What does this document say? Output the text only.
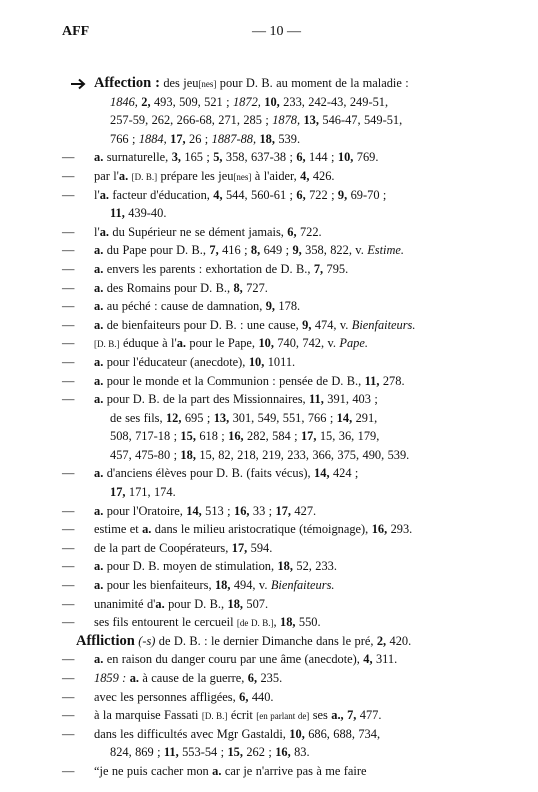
AFF	— 10 —
Affection : des jeu[nes] pour D. B. au moment de la maladie :
1846, 2, 493, 509, 521 ; 1872, 10, 233, 242-43, 249-51,
257-59, 262, 266-68, 271, 285 ; 1878, 13, 546-47, 549-51,
766 ; 1884, 17, 26 ; 1887-88, 18, 539.
— a. surnaturelle, 3, 165 ; 5, 358, 637-38 ; 6, 144 ; 10, 769.
— par l'a. [D. B.] prépare les jeu[nes] à l'aider, 4, 426.
— l'a. facteur d'éducation, 4, 544, 560-61 ; 6, 722 ; 9, 69-70 ;
11, 439-40.
— l'a. du Supérieur ne se dément jamais, 6, 722.
— a. du Pape pour D. B., 7, 416 ; 8, 649 ; 9, 358, 822, v. Estime.
— a. envers les parents : exhortation de D. B., 7, 795.
— a. des Romains pour D. B., 8, 727.
— a. au péché : cause de damnation, 9, 178.
— a. de bienfaiteurs pour D. B. : une cause, 9, 474, v. Bienfaiteurs.
— [D. B.] éduque à l'a. pour le Pape, 10, 740, 742, v. Pape.
— a. pour l'éducateur (anecdote), 10, 1011.
— a. pour le monde et la Communion : pensée de D. B., 11, 278.
— a. pour D. B. de la part des Missionnaires, 11, 391, 403 ;
de ses fils, 12, 695 ; 13, 301, 549, 551, 766 ; 14, 291,
508, 717-18 ; 15, 618 ; 16, 282, 584 ; 17, 15, 36, 179,
457, 475-80 ; 18, 15, 82, 218, 219, 233, 366, 375, 490, 539.
— a. d'anciens élèves pour D. B. (faits vécus), 14, 424 ;
17, 171, 174.
— a. pour l'Oratoire, 14, 513 ; 16, 33 ; 17, 427.
— estime et a. dans le milieu aristocratique (témoignage), 16, 293.
— de la part de Coopérateurs, 17, 594.
— a. pour D. B. moyen de stimulation, 18, 52, 233.
— a. pour les bienfaiteurs, 18, 494, v. Bienfaiteurs.
— unanimité d'a. pour D. B., 18, 507.
— ses fils entourent le cercueil [de D. B.], 18, 550.
Affliction (-s) de D. B. : le dernier Dimanche dans le pré, 2, 420.
— a. en raison du danger couru par une âme (anecdote), 4, 311.
— 1859 : a. à cause de la guerre, 6, 235.
— avec les personnes affligées, 6, 440.
— à la marquise Fassati [D. B.] écrit [en parlant de] ses a., 7, 477.
— dans les difficultés avec Mgr Gastaldi, 10, 686, 688, 734,
824, 869 ; 11, 553-54 ; 15, 262 ; 16, 83.
— “je ne puis cacher mon a. car je n'arrive pas à me faire
